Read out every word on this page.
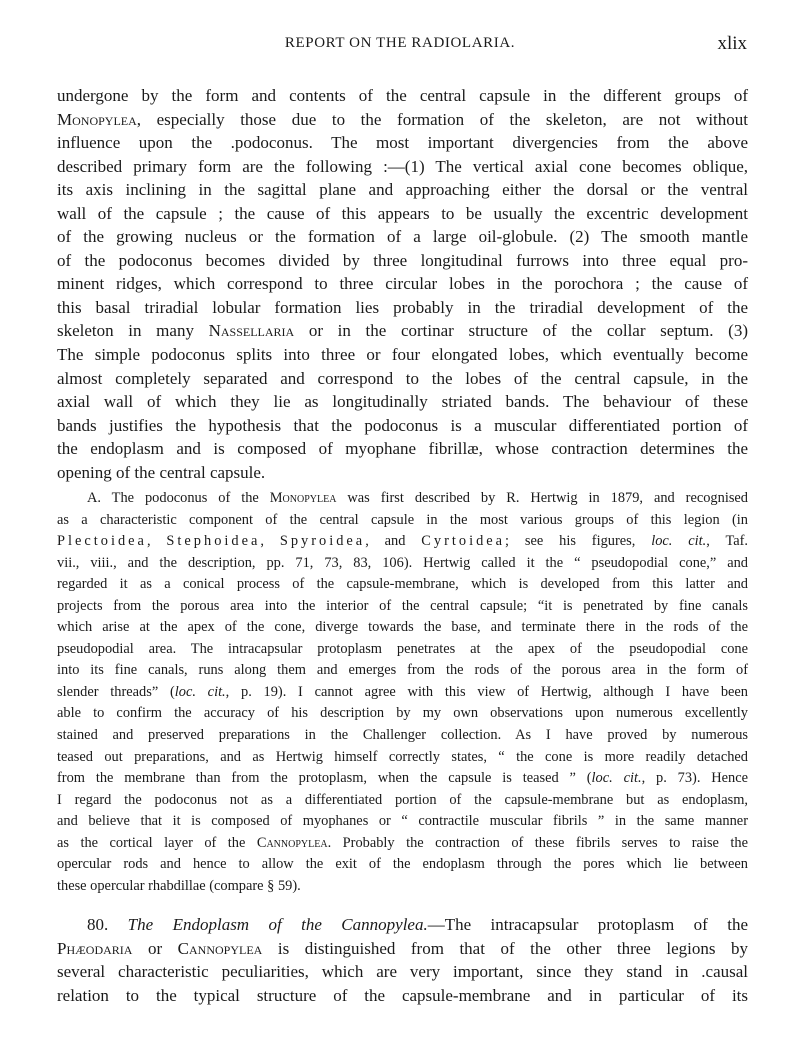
REPORT ON THE RADIOLARIA.	xlix
undergone by the form and contents of the central capsule in the different groups of
Monopylea, especially those due to the formation of the skeleton, are not without
influence upon the .podoconus. The most important divergencies from the above
described primary form are the following :—(1) The vertical axial cone becomes oblique,
its axis inclining in the sagittal plane and approaching either the dorsal or the ventral
wall of the capsule ; the cause of this appears to be usually the excentric development
of the growing nucleus or the formation of a large oil-globule. (2) The smooth mantle
of the podoconus becomes divided by three longitudinal furrows into three equal pro-
minent ridges, which correspond to three circular lobes in the porochora ; the cause of
this basal triradial lobular formation lies probably in the triradial development of the
skeleton in many Nassellaria or in the cortinar structure of the collar septum. (3)
The simple podoconus splits into three or four elongated lobes, which eventually become
almost completely separated and correspond to the lobes of the central capsule, in the
axial wall of which they lie as longitudinally striated bands. The behaviour of these
bands justifies the hypothesis that the podoconus is a muscular differentiated portion of
the endoplasm and is composed of myophane fibrillæ, whose contraction determines the
opening of the central capsule.
A. The podoconus of the Monopylea was first described by R. Hertwig in 1879, and recognised
as a characteristic component of the central capsule in the most various groups of this legion (in
Plectoidea, Stephoidea, Spyroidea, and Cyrtoidea; see his figures, loc. cit., Taf.
vii., viii., and the description, pp. 71, 73, 83, 106). Hertwig called it the “ pseudopodial cone,” and
regarded it as a conical process of the capsule-membrane, which is developed from this latter and
projects from the porous area into the interior of the central capsule; “it is penetrated by fine canals
which arise at the apex of the cone, diverge towards the base, and terminate there in the rods of the
pseudopodial area. The intracapsular protoplasm penetrates at the apex of the pseudopodial cone
into its fine canals, runs along them and emerges from the rods of the porous area in the form of
slender threads” (loc. cit., p. 19). I cannot agree with this view of Hertwig, although I have been
able to confirm the accuracy of his description by my own observations upon numerous excellently
stained and preserved preparations in the Challenger collection. As I have proved by numerous
teased out preparations, and as Hertwig himself correctly states, “ the cone is more readily detached
from the membrane than from the protoplasm, when the capsule is teased ” (loc. cit., p. 73). Hence
I regard the podoconus not as a differentiated portion of the capsule-membrane but as endoplasm,
and believe that it is composed of myophanes or “ contractile muscular fibrils ” in the same manner
as the cortical layer of the Cannopylea. Probably the contraction of these fibrils serves to raise the
opercular rods and hence to allow the exit of the endoplasm through the pores which lie between
these opercular rhabdillae (compare § 59).
80. The Endoplasm of the Cannopylea.—The intracapsular protoplasm of the
Phæodaria or Cannopylea is distinguished from that of the other three legions by
several characteristic peculiarities, which are very important, since they stand in .causal
relation to the typical structure of the capsule-membrane and in particular of its
